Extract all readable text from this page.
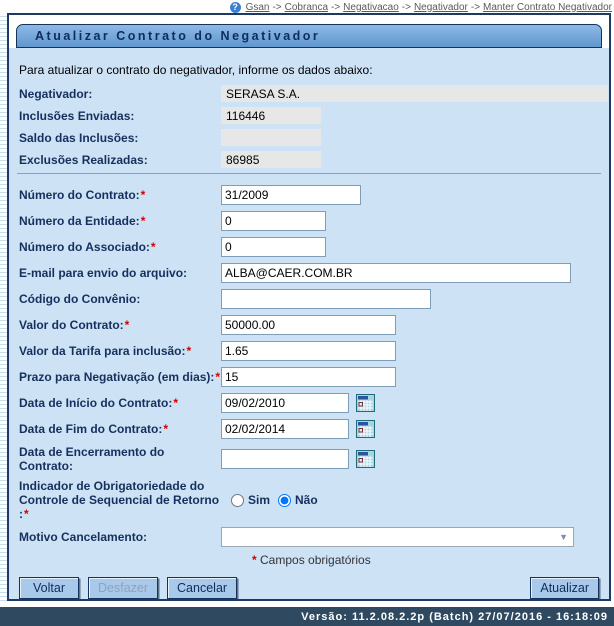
? Gsan -> Cobranca -> Negativacao -> Negativador -> Manter Contrato Negativador
Atualizar Contrato do Negativador
Para atualizar o contrato do negativador, informe os dados abaixo:
Negativador:	SERASA S.A.
Inclusões Enviadas:	116446
Saldo das Inclusões:
Exclusões Realizadas:	86985
Número do Contrato:*
31/2009
Número da Entidade:*
0
Número do Associado:*
0
E-mail para envio do arquivo:
ALBA@CAER.COM.BR
Código do Convênio:
Valor do Contrato:*
50000.00
Valor da Tarifa para inclusão:*
1.65
Prazo para Negativação (em dias):*
15
Data de Início do Contrato:*
09/02/2010
Data de Fim do Contrato:*
02/02/2014
Data de Encerramento do Contrato:
Indicador de Obrigatoriedade do Controle de Sequencial de Retorno :*
Sim Não
Motivo Cancelamento:	▼
* Campos obrigatórios
Voltar	Desfazer	Cancelar	Atualizar
Versão: 11.2.08.2.2p (Batch) 27/07/2016 - 16:18:09
